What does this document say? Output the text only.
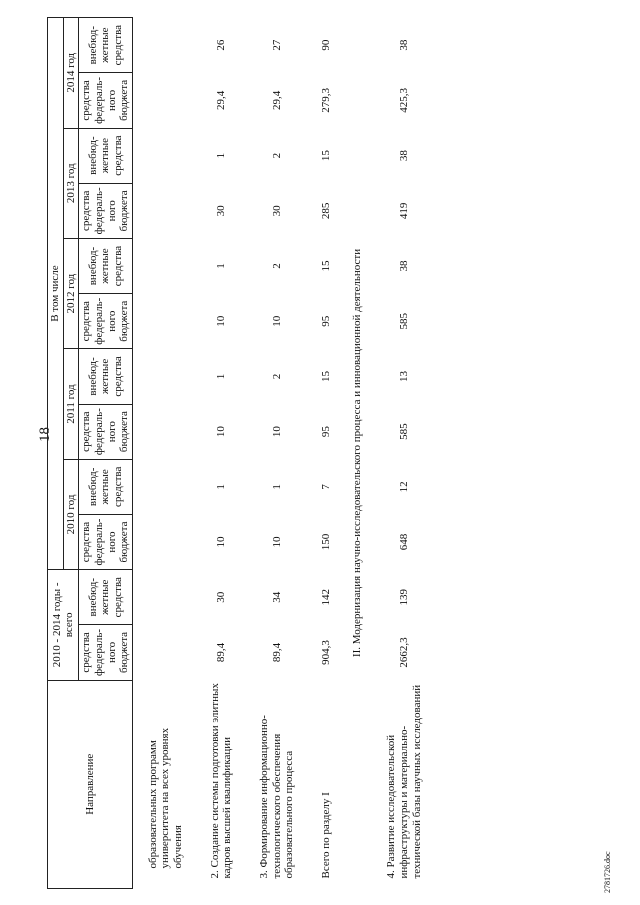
18
Направление	2010 - 2014 годы - всего		В том числе									
			2010 год		2011 год		2012 год		2013 год		2014 год	
	средства федераль-ного бюджета	внебюд-жетные средства	средства федераль-ного бюджета	внебюд-жетные средства	средства федераль-ного бюджета	внебюд-жетные средства	средства федераль-ного бюджета	внебюд-жетные средства	средства федераль-ного бюджета	внебюд-жетные средства	средства федераль-ного бюджета	внебюд-жетные средства
образовательных программ университета на всех уровнях обучения												
2. Создание системы подготовки элитных кадров высшей квалификации	89,4	30	10	1	10	1	10	1	30	1	29,4	26
3. Формирование информационно-технологического обеспечения образовательного процесса	89,4	34	10	1	10	2	10	2	30	2	29,4	27
Всего по разделу I	904,3	142	150	7	95	15	95	15	285	15	279,3	90
II. Модернизация научно-исследовательского процесса и инновационной деятельности												
4. Развитие исследовательской инфраструктуры и материально-технической базы научных исследований	2662,3	139	648	12	585	13	585	38	419	38	425,3	38
2781726.doc
